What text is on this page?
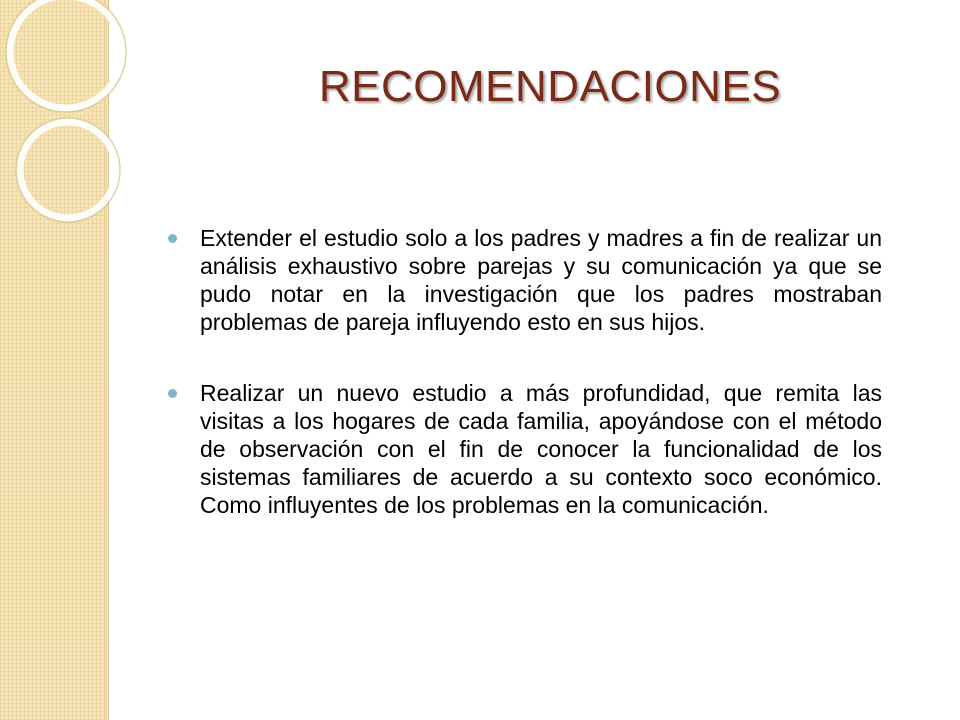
RECOMENDACIONES
Extender el estudio solo a los padres y madres a fin de realizar un análisis exhaustivo sobre parejas y su comunicación ya que se pudo notar en la investigación que los padres mostraban problemas de pareja influyendo esto en sus hijos.
Realizar un nuevo estudio a más profundidad, que remita las visitas a los hogares de cada familia, apoyándose con el método de observación con el fin de conocer la funcionalidad de los sistemas familiares de acuerdo a su contexto soco económico. Como influyentes de los problemas en la comunicación.
